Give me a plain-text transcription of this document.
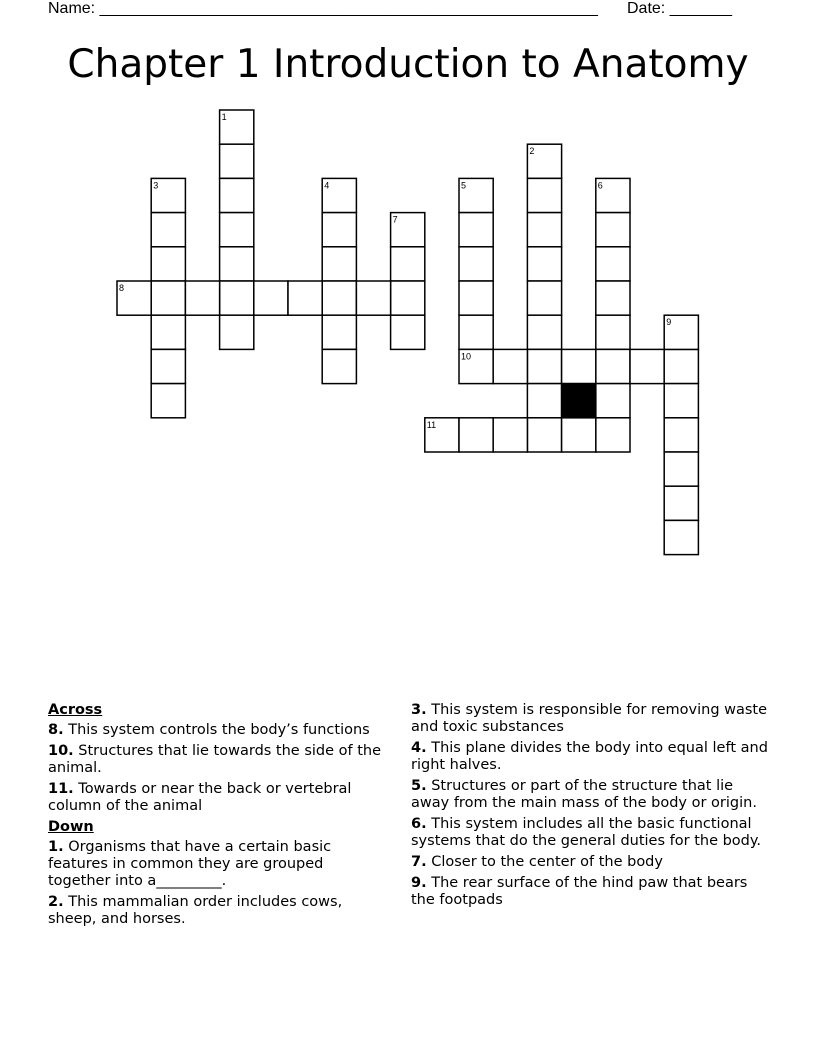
Name: ________________________________________________________ Date: _______
Chapter 1 Introduction to Anatomy
1
2
3	4	5	6
7
8
9
10
11
Across
8. This system controls the body’s functions
10. Structures that lie towards the side of the animal.
11. Towards or near the back or vertebral column of the animal
Down
1. Organisms that have a certain basic features in common they are grouped together into a_________.
2. This mammalian order includes cows, sheep, and horses.
3. This system is responsible for removing waste and toxic substances
4. This plane divides the body into equal left and right halves.
5. Structures or part of the structure that lie away from the main mass of the body or origin.
6. This system includes all the basic functional systems that do the general duties for the body.
7. Closer to the center of the body
9. The rear surface of the hind paw that bears the footpads
